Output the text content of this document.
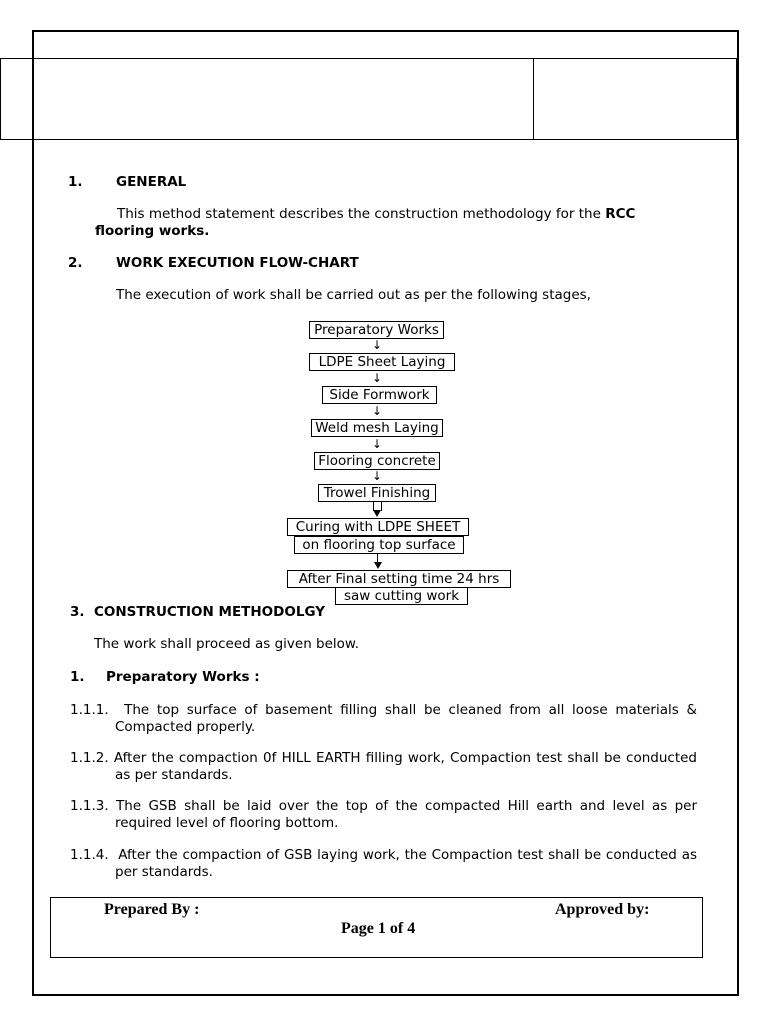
1. GENERAL
This method statement describes the construction methodology for the RCC flooring works.
2. WORK EXECUTION FLOW-CHART
The execution of work shall be carried out as per the following stages,
Preparatory Works
↓
LDPE Sheet Laying
↓
Side Formwork
↓
Weld mesh Laying
↓
Flooring concrete
↓
Trowel Finishing
Curing with LDPE SHEET
on flooring top surface
After Final setting time 24 hrs
saw cutting work
3. CONSTRUCTION METHODOLGY
The work shall proceed as given below.
1. Preparatory Works :
1.1.1. The top surface of basement filling shall be cleaned from all loose materials & Compacted properly.
1.1.2. After the compaction 0f HILL EARTH filling work, Compaction test shall be conducted as per standards.
1.1.3. The GSB shall be laid over the top of the compacted Hill earth and level as per required level of flooring bottom.
1.1.4. After the compaction of GSB laying work, the Compaction test shall be conducted as per standards.
Prepared By :	Approved by:
Page 1 of 4
